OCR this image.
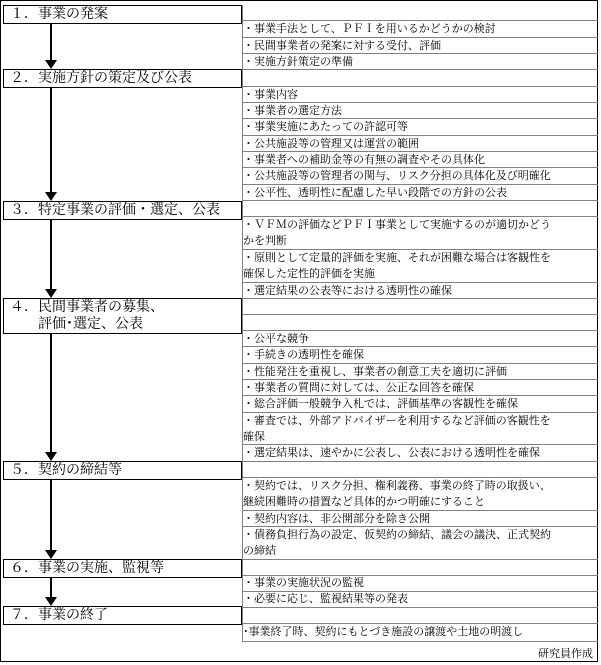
１．事業の発案
２．実施方針の策定及び公表
３．特定事業の評価・選定、公表
４．民間事業者の募集、
　　評価･選定、公表
５．契約の締結等
６．事業の実施、監視等
７．事業の終了
・事業手法として、ＰＦＩを用いるかどうかの検討
・民間事業者の発案に対する受付、評価
・実施方針策定の準備
・事業内容
・事業者の選定方法
・事業実施にあたっての許認可等
・公共施設等の管理又は運営の範囲
・事業者への補助金等の有無の調査やその具体化
・公共施設等の管理者の関与、リスク分担の具体化及び明確化
・公平性、透明性に配慮した早い段階での方針の公表
・ＶＦＭの評価などＰＦＩ事業として実施するのが適切かどうかを判断
・原則として定量的評価を実施、それが困難な場合は客観性を確保した定性的評価を実施
・選定結果の公表等における透明性の確保
・公平な競争
・手続きの透明性を確保
・性能発注を重視し、事業者の創意工夫を適切に評価
・事業者の質問に対しては、公正な回答を確保
・総合評価一般競争入札では、評価基準の客観性を確保
・審査では、外部アドバイザーを利用するなど評価の客観性を確保
・選定結果は、速やかに公表し、公表における透明性を確保
・契約では、リスク分担、権利義務、事業の終了時の取扱い、継続困難時の措置など具体的かつ明確にすること
・契約内容は、非公開部分を除き公開
・債務負担行為の設定、仮契約の締結、議会の議決、正式契約の締結
・事業の実施状況の監視
・必要に応じ、監視結果等の発表
･事業終了時、契約にもとづき施設の譲渡や土地の明渡し
研究員作成
